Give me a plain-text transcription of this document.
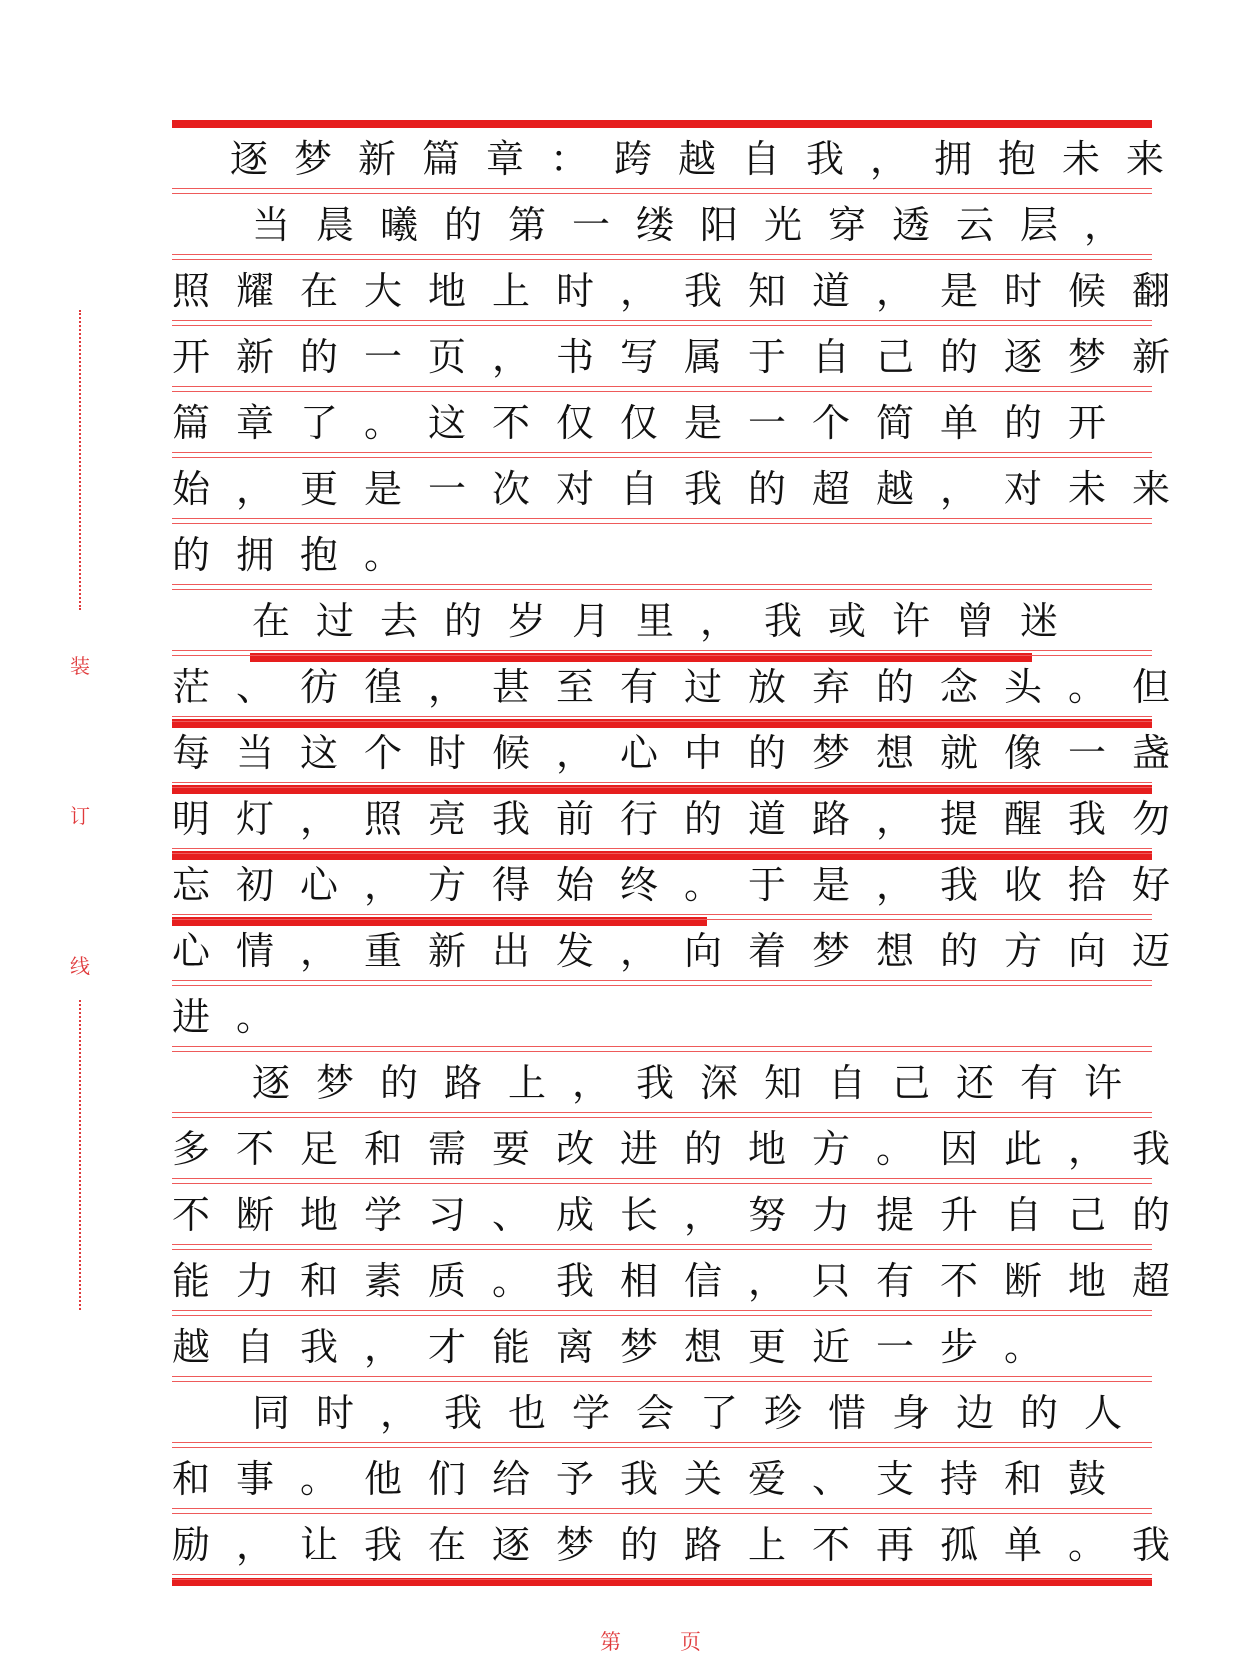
装
订
线
逐梦新篇章：跨越自我，拥抱未来
当晨曦的第一缕阳光穿透云层，
照耀在大地上时，我知道，是时候翻
开新的一页，书写属于自己的逐梦新
篇章了。这不仅仅是一个简单的开
始，更是一次对自我的超越，对未来
的拥抱。
在过去的岁月里，我或许曾迷
茫、彷徨，甚至有过放弃的念头。但
每当这个时候，心中的梦想就像一盏
明灯，照亮我前行的道路，提醒我勿
忘初心，方得始终。于是，我收拾好
心情，重新出发，向着梦想的方向迈
进。
逐梦的路上，我深知自己还有许
多不足和需要改进的地方。因此，我
不断地学习、成长，努力提升自己的
能力和素质。我相信，只有不断地超
越自我，才能离梦想更近一步。
同时，我也学会了珍惜身边的人
和事。他们给予我关爱、支持和鼓
励，让我在逐梦的路上不再孤单。我
第	页
